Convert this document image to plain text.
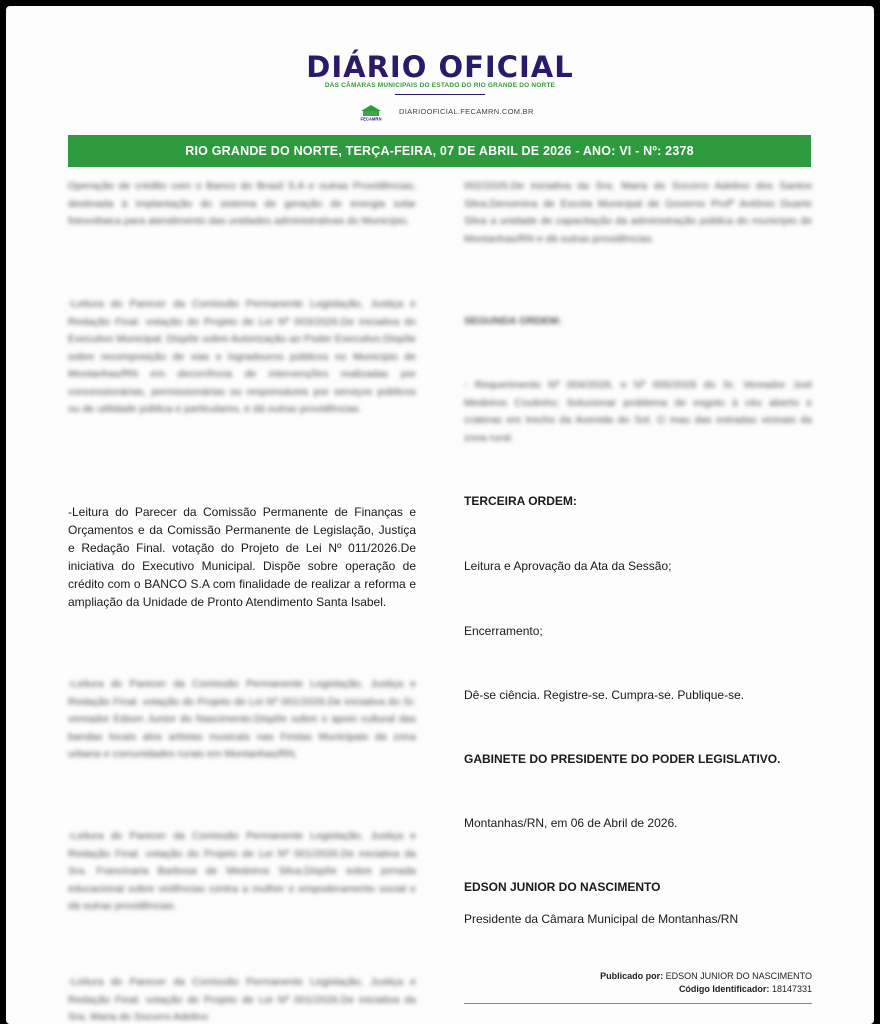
DIÁRIO OFICIAL
DAS CÂMARAS MUNICIPAIS DO ESTADO DO RIO GRANDE DO NORTE
FECAMRN
DIARIOOFICIAL.FECAMRN.COM.BR
RIO GRANDE DO NORTE, TERÇA-FEIRA, 07 DE ABRIL DE 2026 - ANO: VI - Nº: 2378
Operação de crédito com o Banco do Brasil S.A e outras Providências, destinada à implantação do sistema de geração de energia solar fotovoltaica para atendimento das unidades administrativas do Município.
-Leitura do Parecer da Comissão Permanente Legislação, Justiça e Redação Final. votação do Projeto de Lei Nº 003/2026.De iniciativa do Executivo Municipal. Dispõe sobre Autorização ao Poder Executivo.Dispõe sobre recomposição de vias e logradouros públicos no Município de Montanhas/RN em decorrência de intervenções realizadas por concessionárias, permissionárias ou responsáveis por serviços públicos ou de utilidade pública e particulares, e dá outras providências.
-Leitura do Parecer da Comissão Permanente de Finanças e Orçamentos e da Comissão Permanente de Legislação, Justiça e Redação Final. votação do Projeto de Lei Nº 011/2026.De iniciativa do Executivo Municipal. Dispõe sobre operação de crédito com o BANCO S.A com finalidade de realizar a reforma e ampliação da Unidade de Pronto Atendimento Santa Isabel.
-Leitura do Parecer da Comissão Permanente Legislação, Justiça e Redação Final. votação do Projeto de Lei Nº 001/2026.De iniciativa do Sr. vereador Edson Junior do Nascimento.Dispõe sobre o apoio cultural das bandas locais alos artistas musicais nas Festas Municipais da zona urbana e comunidades rurais em Montanhas/RN.
-Leitura do Parecer da Comissão Permanente Legislação, Justiça e Redação Final. votação do Projeto de Lei Nº 001/2026.De iniciativa da Sra. Francinaria Barbosa de Medeiros Silva.Dispõe sobre jornada educacional sobre violências contra a mulher e empoderamento social e dá outras providências.
-Leitura do Parecer da Comissão Permanente Legislação, Justiça e Redação Final. votação do Projeto de Lei Nº 001/2026.De iniciativa da Sra. Maria do Socorro Adelino
002/2026.De iniciativa da Sra. Maria do Socorro Adelino dos Santos Silva.Denomina de Escola Municipal de Governo Profº Antônio Duarte Silva a unidade de capacitação da administração pública do município de Montanhas/RN e dá outras providências.
SEGUNDA ORDEM:
- Requerimento Nº 004/2026, e Nº 005/2026 do Sr. Vereador Joel Medeiros Coutinho; Solucionar problema de esgoto à céu aberto e crateras em trecho da Avenida do Sol. O mau das estradas vicinais da zona rural.
TERCEIRA ORDEM:
Leitura e Aprovação da Ata da Sessão;
Encerramento;
Dê-se ciência. Registre-se. Cumpra-se. Publique-se.
GABINETE DO PRESIDENTE DO PODER LEGISLATIVO.
Montanhas/RN, em 06 de Abril de 2026.
EDSON JUNIOR DO NASCIMENTO
Presidente da Câmara Municipal de Montanhas/RN
Publicado por: EDSON JUNIOR DO NASCIMENTO
Código Identificador: 18147331
